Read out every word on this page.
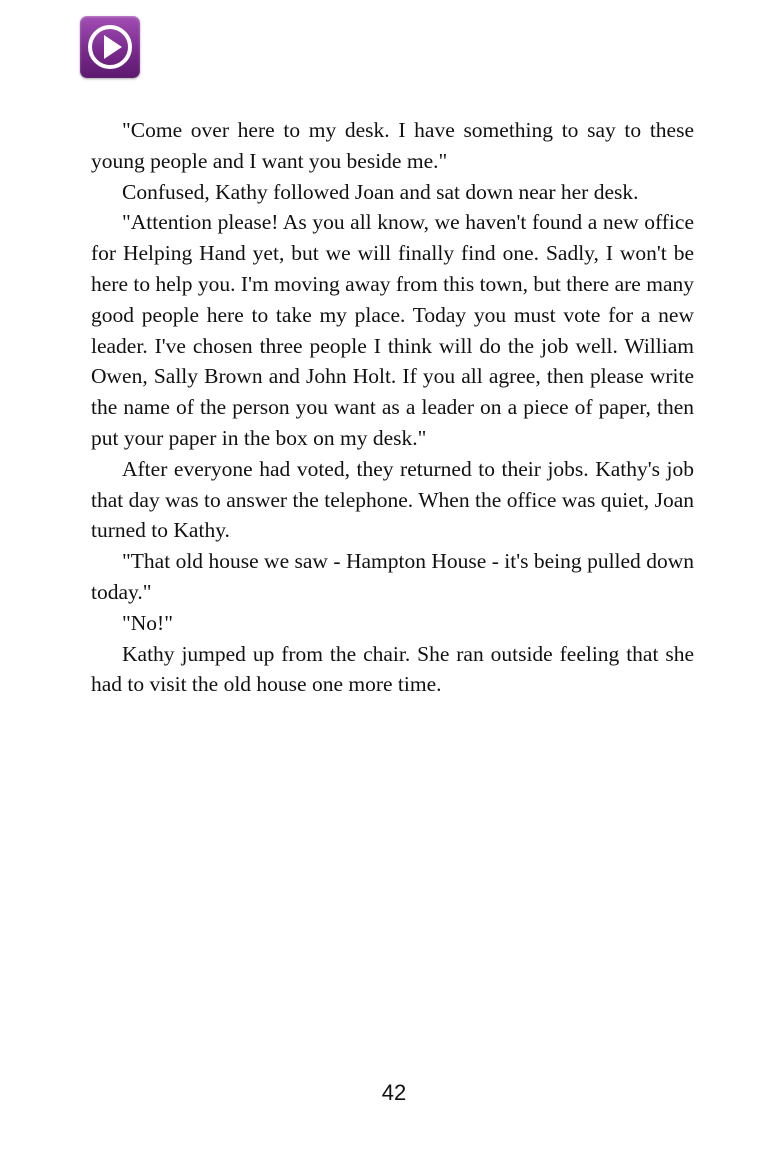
"Come over here to my desk. I have something to say to these young people and I want you beside me."

Confused, Kathy followed Joan and sat down near her desk.

"Attention please! As you all know, we haven't found a new office for Helping Hand yet, but we will finally find one. Sadly, I won't be here to help you. I'm moving away from this town, but there are many good people here to take my place. Today you must vote for a new leader. I've chosen three people I think will do the job well. William Owen, Sally Brown and John Holt. If you all agree, then please write the name of the person you want as a leader on a piece of paper, then put your paper in the box on my desk."

After everyone had voted, they returned to their jobs. Kathy's job that day was to answer the telephone. When the office was quiet, Joan turned to Kathy.

"That old house we saw - Hampton House - it's being pulled down today."

"No!"

Kathy jumped up from the chair. She ran outside feeling that she had to visit the old house one more time.

42
